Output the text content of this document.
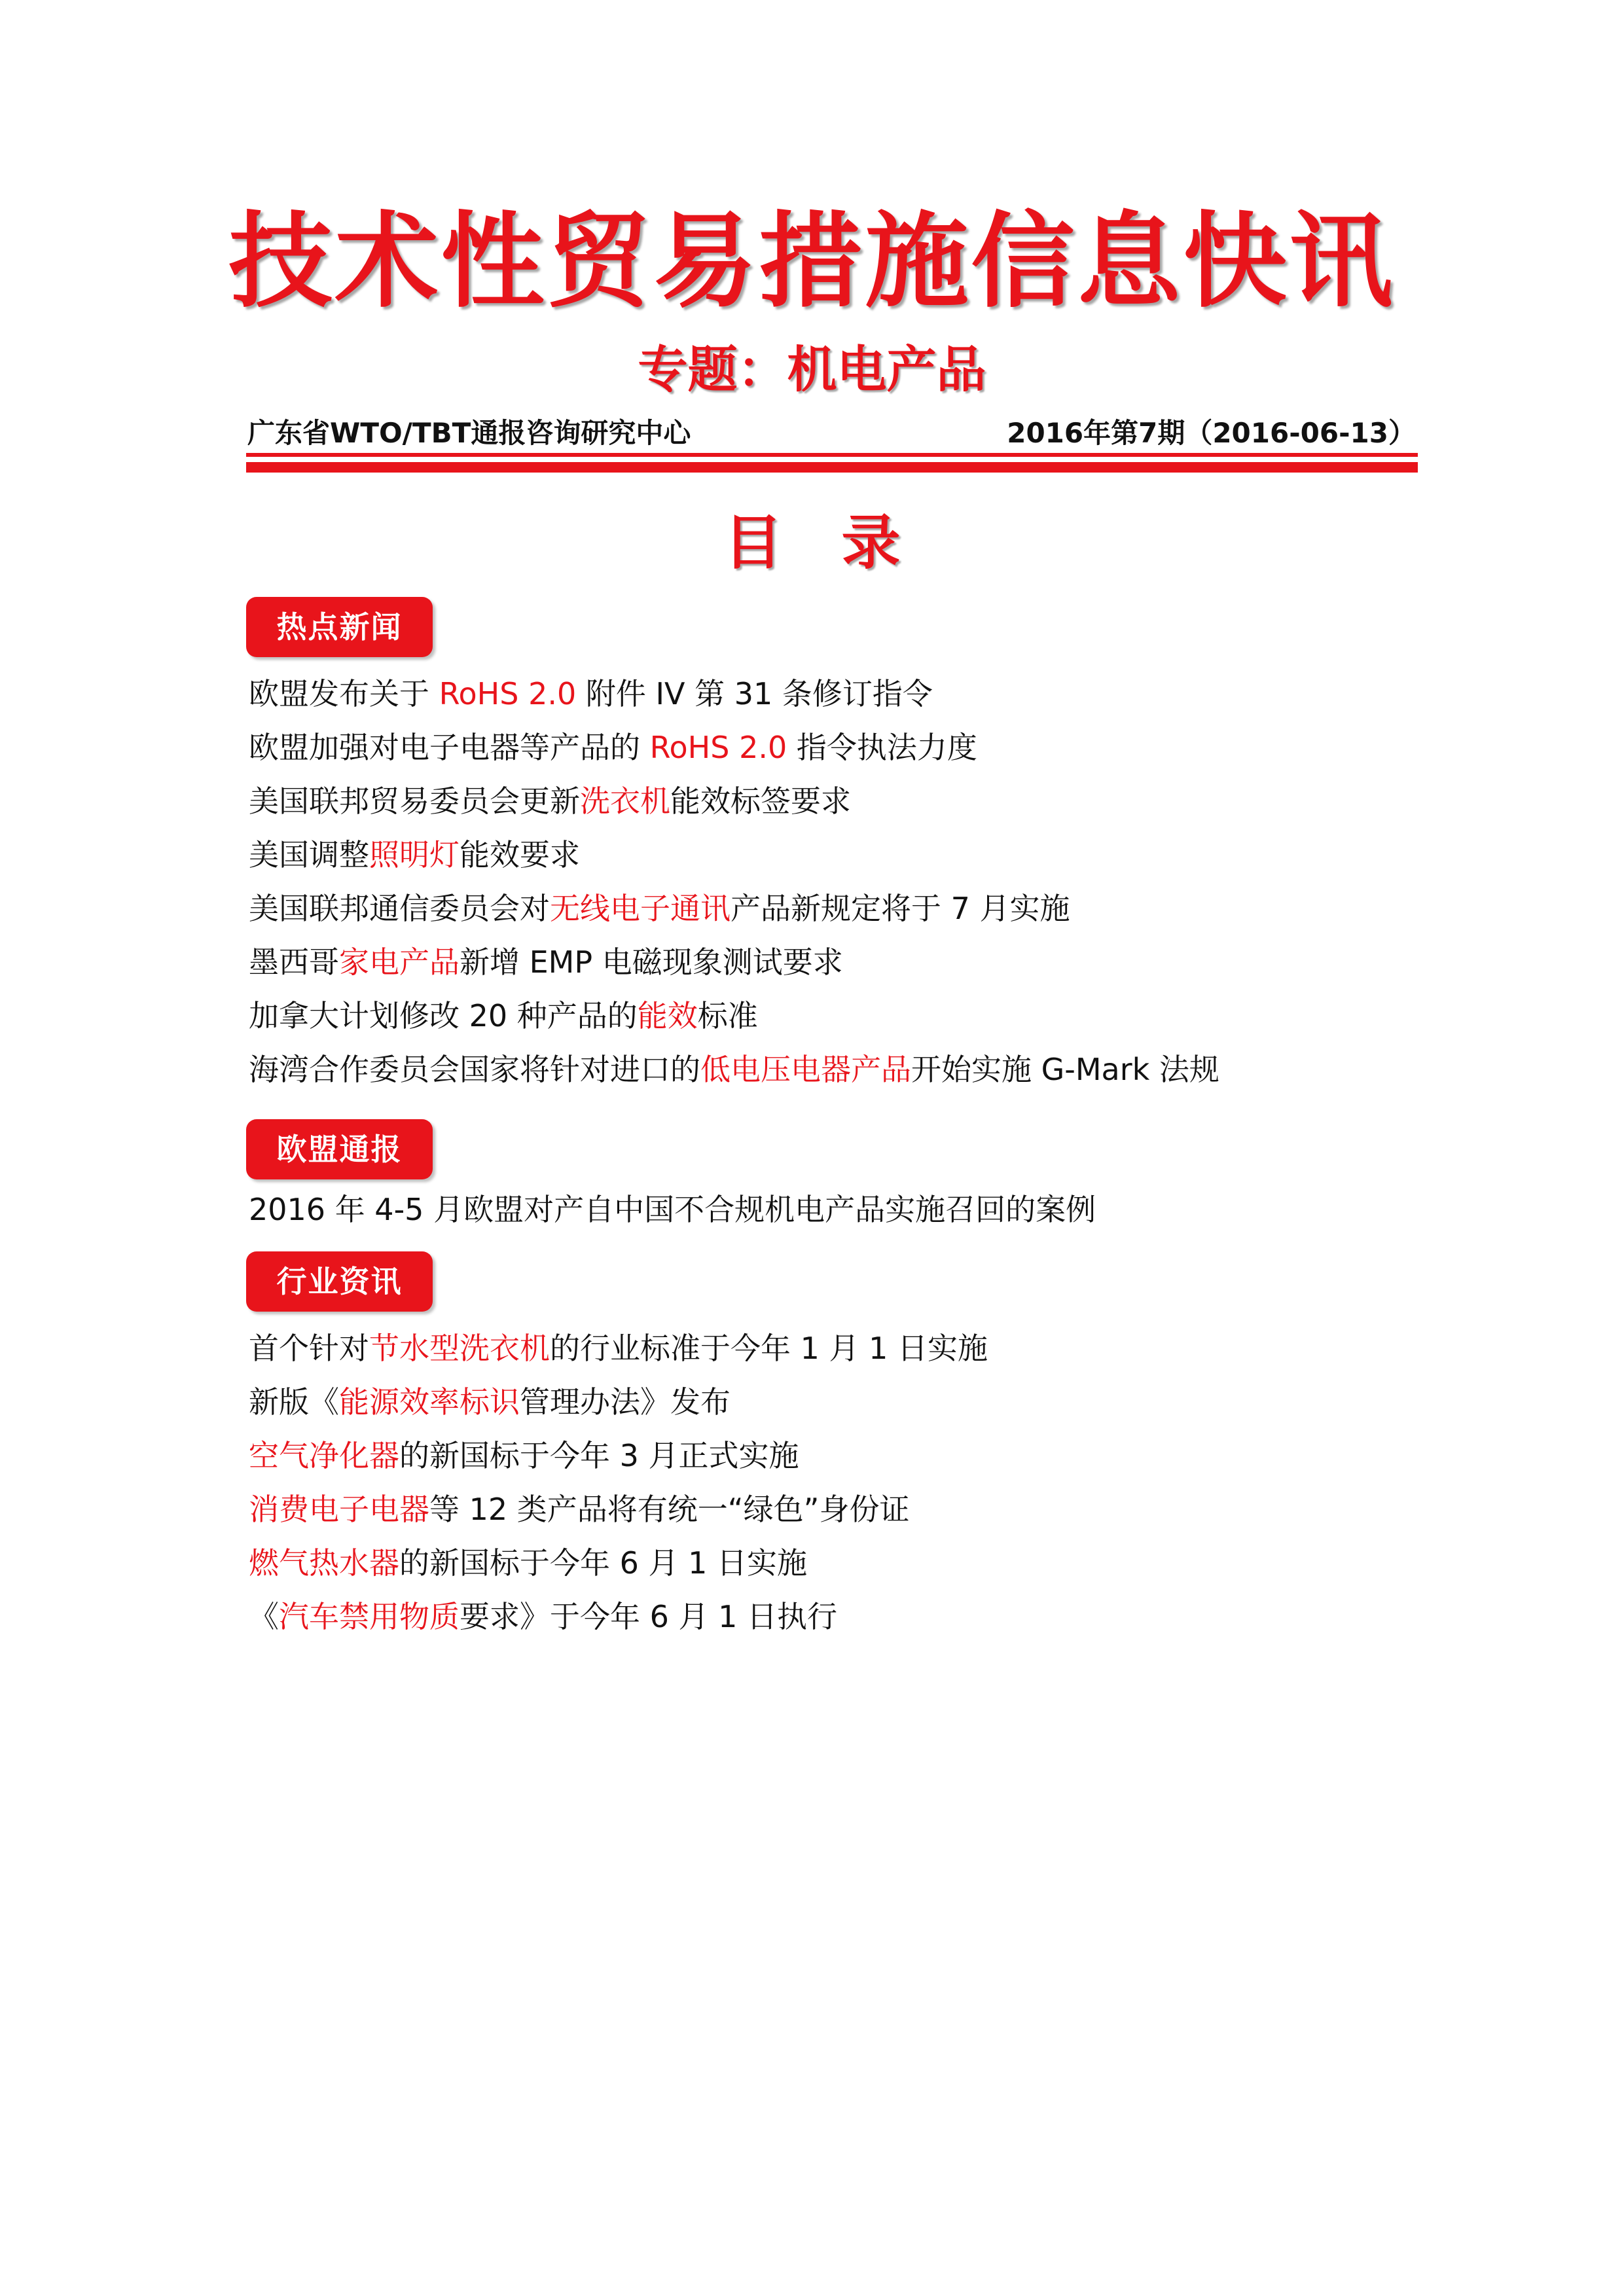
技术性贸易措施信息快讯
专题：机电产品
广东省WTO/TBT通报咨询研究中心	2016年第7期（2016-06-13）
目　录
热点新闻
欧盟发布关于 RoHS 2.0 附件 IV 第 31 条修订指令
欧盟加强对电子电器等产品的 RoHS 2.0 指令执法力度
美国联邦贸易委员会更新洗衣机能效标签要求
美国调整照明灯能效要求
美国联邦通信委员会对无线电子通讯产品新规定将于 7 月实施
墨西哥家电产品新增 EMP 电磁现象测试要求
加拿大计划修改 20 种产品的能效标准
海湾合作委员会国家将针对进口的低电压电器产品开始实施 G-Mark 法规
欧盟通报
2016 年 4-5 月欧盟对产自中国不合规机电产品实施召回的案例
行业资讯
首个针对节水型洗衣机的行业标准于今年 1 月 1 日实施
新版《能源效率标识管理办法》发布
空气净化器的新国标于今年 3 月正式实施
消费电子电器等 12 类产品将有统一“绿色”身份证
燃气热水器的新国标于今年 6 月 1 日实施
《汽车禁用物质要求》于今年 6 月 1 日执行
